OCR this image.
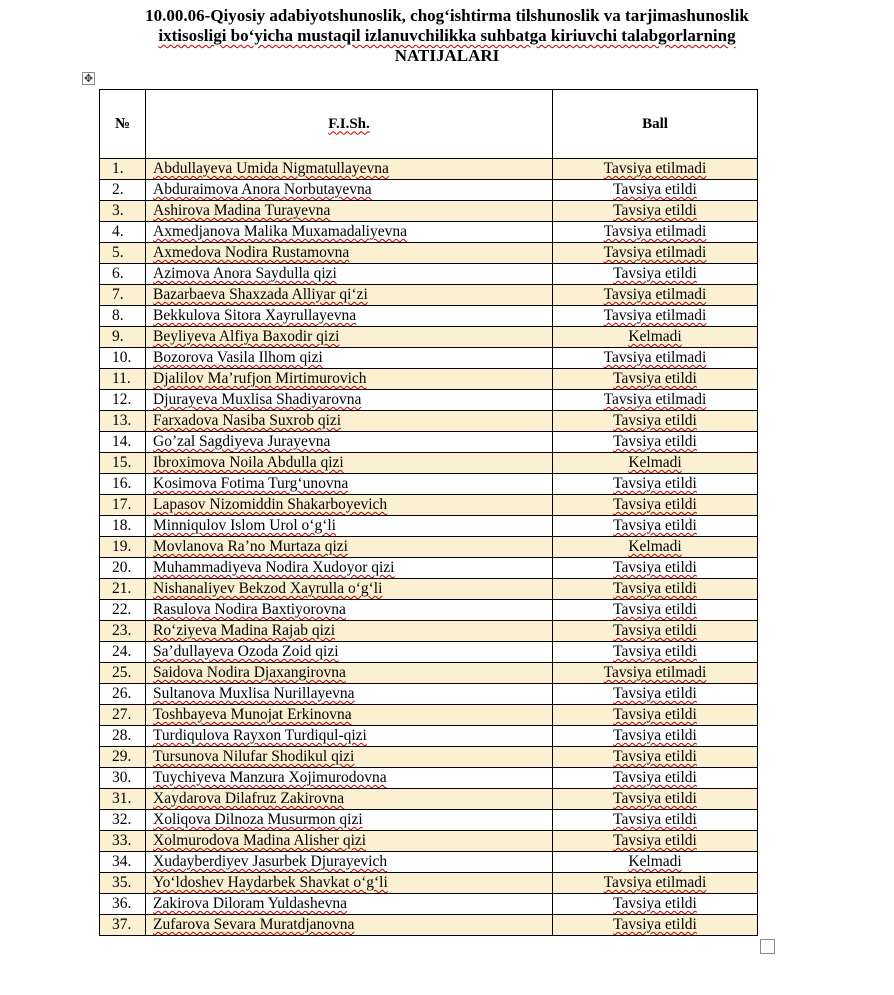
10.00.06-Qiyosiy adabiyotshunoslik, chog‘ishtirma tilshunoslik va tarjimashunoslik
ixtisosligi bo‘yicha mustaqil izlanuvchilikka suhbatga kiriuvchi talabgorlarning
NATIJALARI
✥
№	F.I.Sh.	Ball
1.	Abdullayeva Umida Nigmatullayevna	Tavsiya etilmadi
2.	Abduraimova Anora Norbutayevna	Tavsiya etildi
3.	Ashirova Madina Turayevna	Tavsiya etildi
4.	Axmedjanova Malika Muxamadaliyevna	Tavsiya etilmadi
5.	Axmedova Nodira Rustamovna	Tavsiya etilmadi
6.	Azimova Anora Saydulla qizi	Tavsiya etildi
7.	Bazarbaeva Shaxzada Alliyar qi‘zi	Tavsiya etilmadi
8.	Bekkulova Sitora Xayrullayevna	Tavsiya etilmadi
9.	Beyliyeva Alfiya Baxodir qizi	Kelmadi
10.	Bozorova Vasila Ilhom qizi	Tavsiya etilmadi
11.	Djalilov Ma’rufjon Mirtimurovich	Tavsiya etildi
12.	Djurayeva Muxlisa Shadiyarovna	Tavsiya etilmadi
13.	Farxadova Nasiba Suxrob qizi	Tavsiya etildi
14.	Go’zal Sagdiyeva Jurayevna	Tavsiya etildi
15.	Ibroximova Noila Abdulla qizi	Kelmadi
16.	Kosimova Fotima Turg‘unovna	Tavsiya etildi
17.	Lapasov Nizomiddin Shakarboyevich	Tavsiya etildi
18.	Minniqulov Islom Urol o‘g‘li	Tavsiya etildi
19.	Movlanova Ra’no Murtaza qizi	Kelmadi
20.	Muhammadiyeva Nodira Xudoyor qizi	Tavsiya etildi
21.	Nishanaliyev Bekzod Xayrulla o‘g‘li	Tavsiya etildi
22.	Rasulova Nodira Baxtiyorovna	Tavsiya etildi
23.	Ro‘ziyeva Madina Rajab qizi	Tavsiya etildi
24.	Sa’dullayeva Ozoda Zoid qizi	Tavsiya etildi
25.	Saidova Nodira Djaxangirovna	Tavsiya etilmadi
26.	Sultanova Muxlisa Nurillayevna	Tavsiya etildi
27.	Toshbayeva Munojat Erkinovna	Tavsiya etildi
28.	Turdiqulova Rayxon Turdiqul-qizi	Tavsiya etildi
29.	Tursunova Nilufar Shodikul qizi	Tavsiya etildi
30.	Tuychiyeva Manzura Xojimurodovna	Tavsiya etildi
31.	Xaydarova Dilafruz Zakirovna	Tavsiya etildi
32.	Xoliqova Dilnoza Musurmon qizi	Tavsiya etildi
33.	Xolmurodova Madina Alisher qizi	Tavsiya etildi
34.	Xudayberdiyev Jasurbek Djurayevich	Kelmadi
35.	Yo‘ldoshev Haydarbek Shavkat o‘g‘li	Tavsiya etilmadi
36.	Zakirova Diloram Yuldashevna	Tavsiya etildi
37.	Zufarova Sevara Muratdjanovna	Tavsiya etildi
